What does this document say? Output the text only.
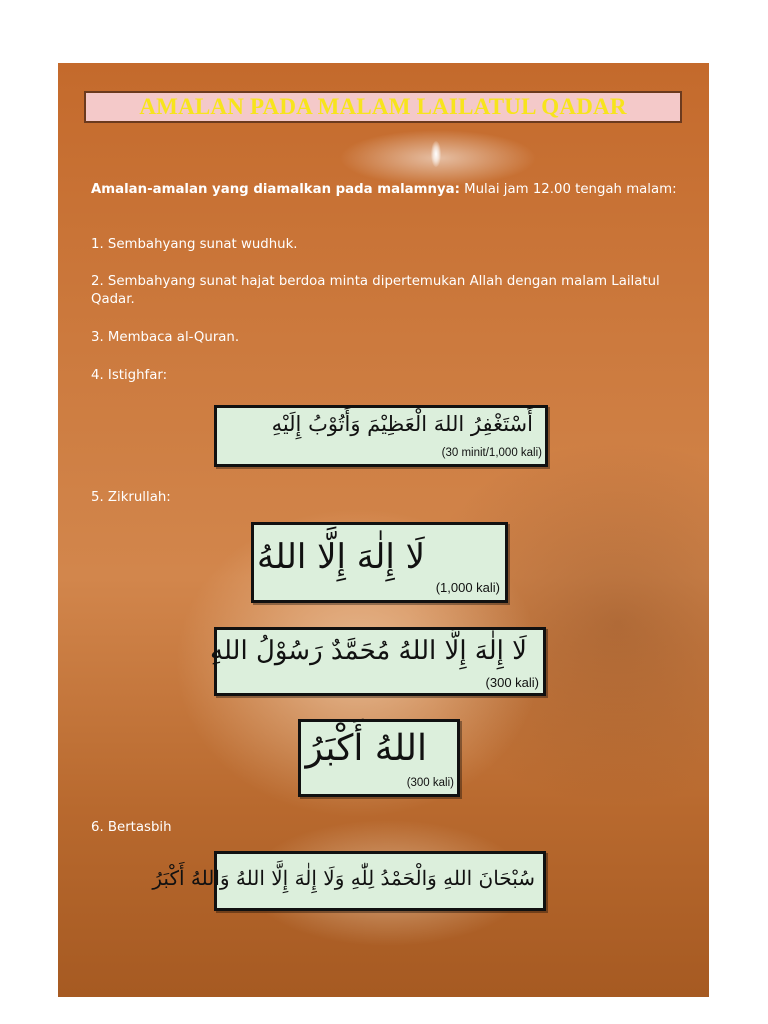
AMALAN PADA MALAM LAILATUL QADAR
Amalan-amalan yang diamalkan pada malamnya: Mulai jam 12.00 tengah malam:
1. Sembahyang sunat wudhuk.
2. Sembahyang sunat hajat berdoa minta dipertemukan Allah dengan malam Lailatul Qadar.
3. Membaca al-Quran.
4. Istighfar:
أَسْتَغْفِرُ اللهَ الْعَظِيْمَ وَأَتُوْبُ إِلَيْهِ
(30 minit/1,000 kali)
5. Zikrullah:
لَا إِلٰهَ إِلَّا اللهُ
(1,000 kali)
لَا إِلٰهَ إِلَّا اللهُ مُحَمَّدٌ رَسُوْلُ اللهِ
(300 kali)
اللهُ أَكْبَرُ
(300 kali)
6. Bertasbih
سُبْحَانَ اللهِ وَالْحَمْدُ لِلّٰهِ وَلَا إِلٰهَ إِلَّا اللهُ وَاللهُ أَكْبَرُ
